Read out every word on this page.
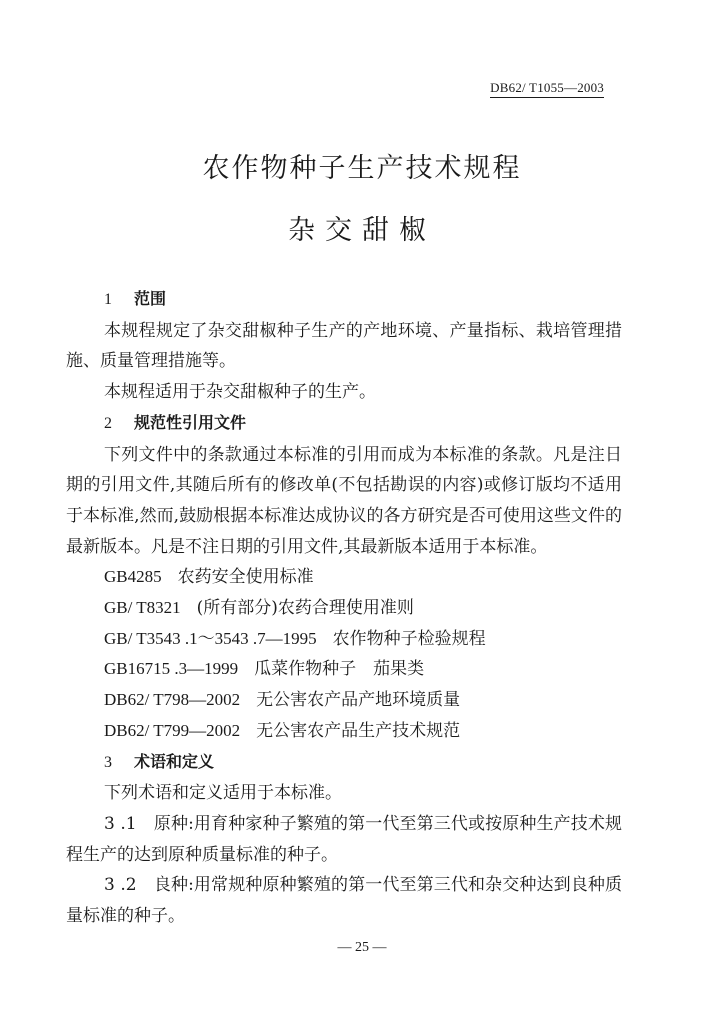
DB62/ T1055—2003
农作物种子生产技术规程
杂交甜椒

1 范围

本规程规定了杂交甜椒种子生产的产地环境、产量指标、栽培管理措施、质量管理措施等。

本规程适用于杂交甜椒种子的生产。

2 规范性引用文件

下列文件中的条款通过本标准的引用而成为本标准的条款。凡是注日期的引用文件,其随后所有的修改单(不包括勘误的内容)或修订版均不适用于本标准,然而,鼓励根据本标准达成协议的各方研究是否可使用这些文件的最新版本。凡是不注日期的引用文件,其最新版本适用于本标准。

GB4285 农药安全使用标准

GB/ T8321 (所有部分)农药合理使用准则

GB/ T3543 .1～3543 .7—1995 农作物种子检验规程

GB16715 .3—1999 瓜菜作物种子　茄果类

DB62/ T798—2002 无公害农产品产地环境质量

DB62/ T799—2002 无公害农产品生产技术规范

3 术语和定义

下列术语和定义适用于本标准。

3 .1　原种:用育种家种子繁殖的第一代至第三代或按原种生产技术规程生产的达到原种质量标准的种子。

3 .2　良种:用常规种原种繁殖的第一代至第三代和杂交种达到良种质量标准的种子。

— 25 —
